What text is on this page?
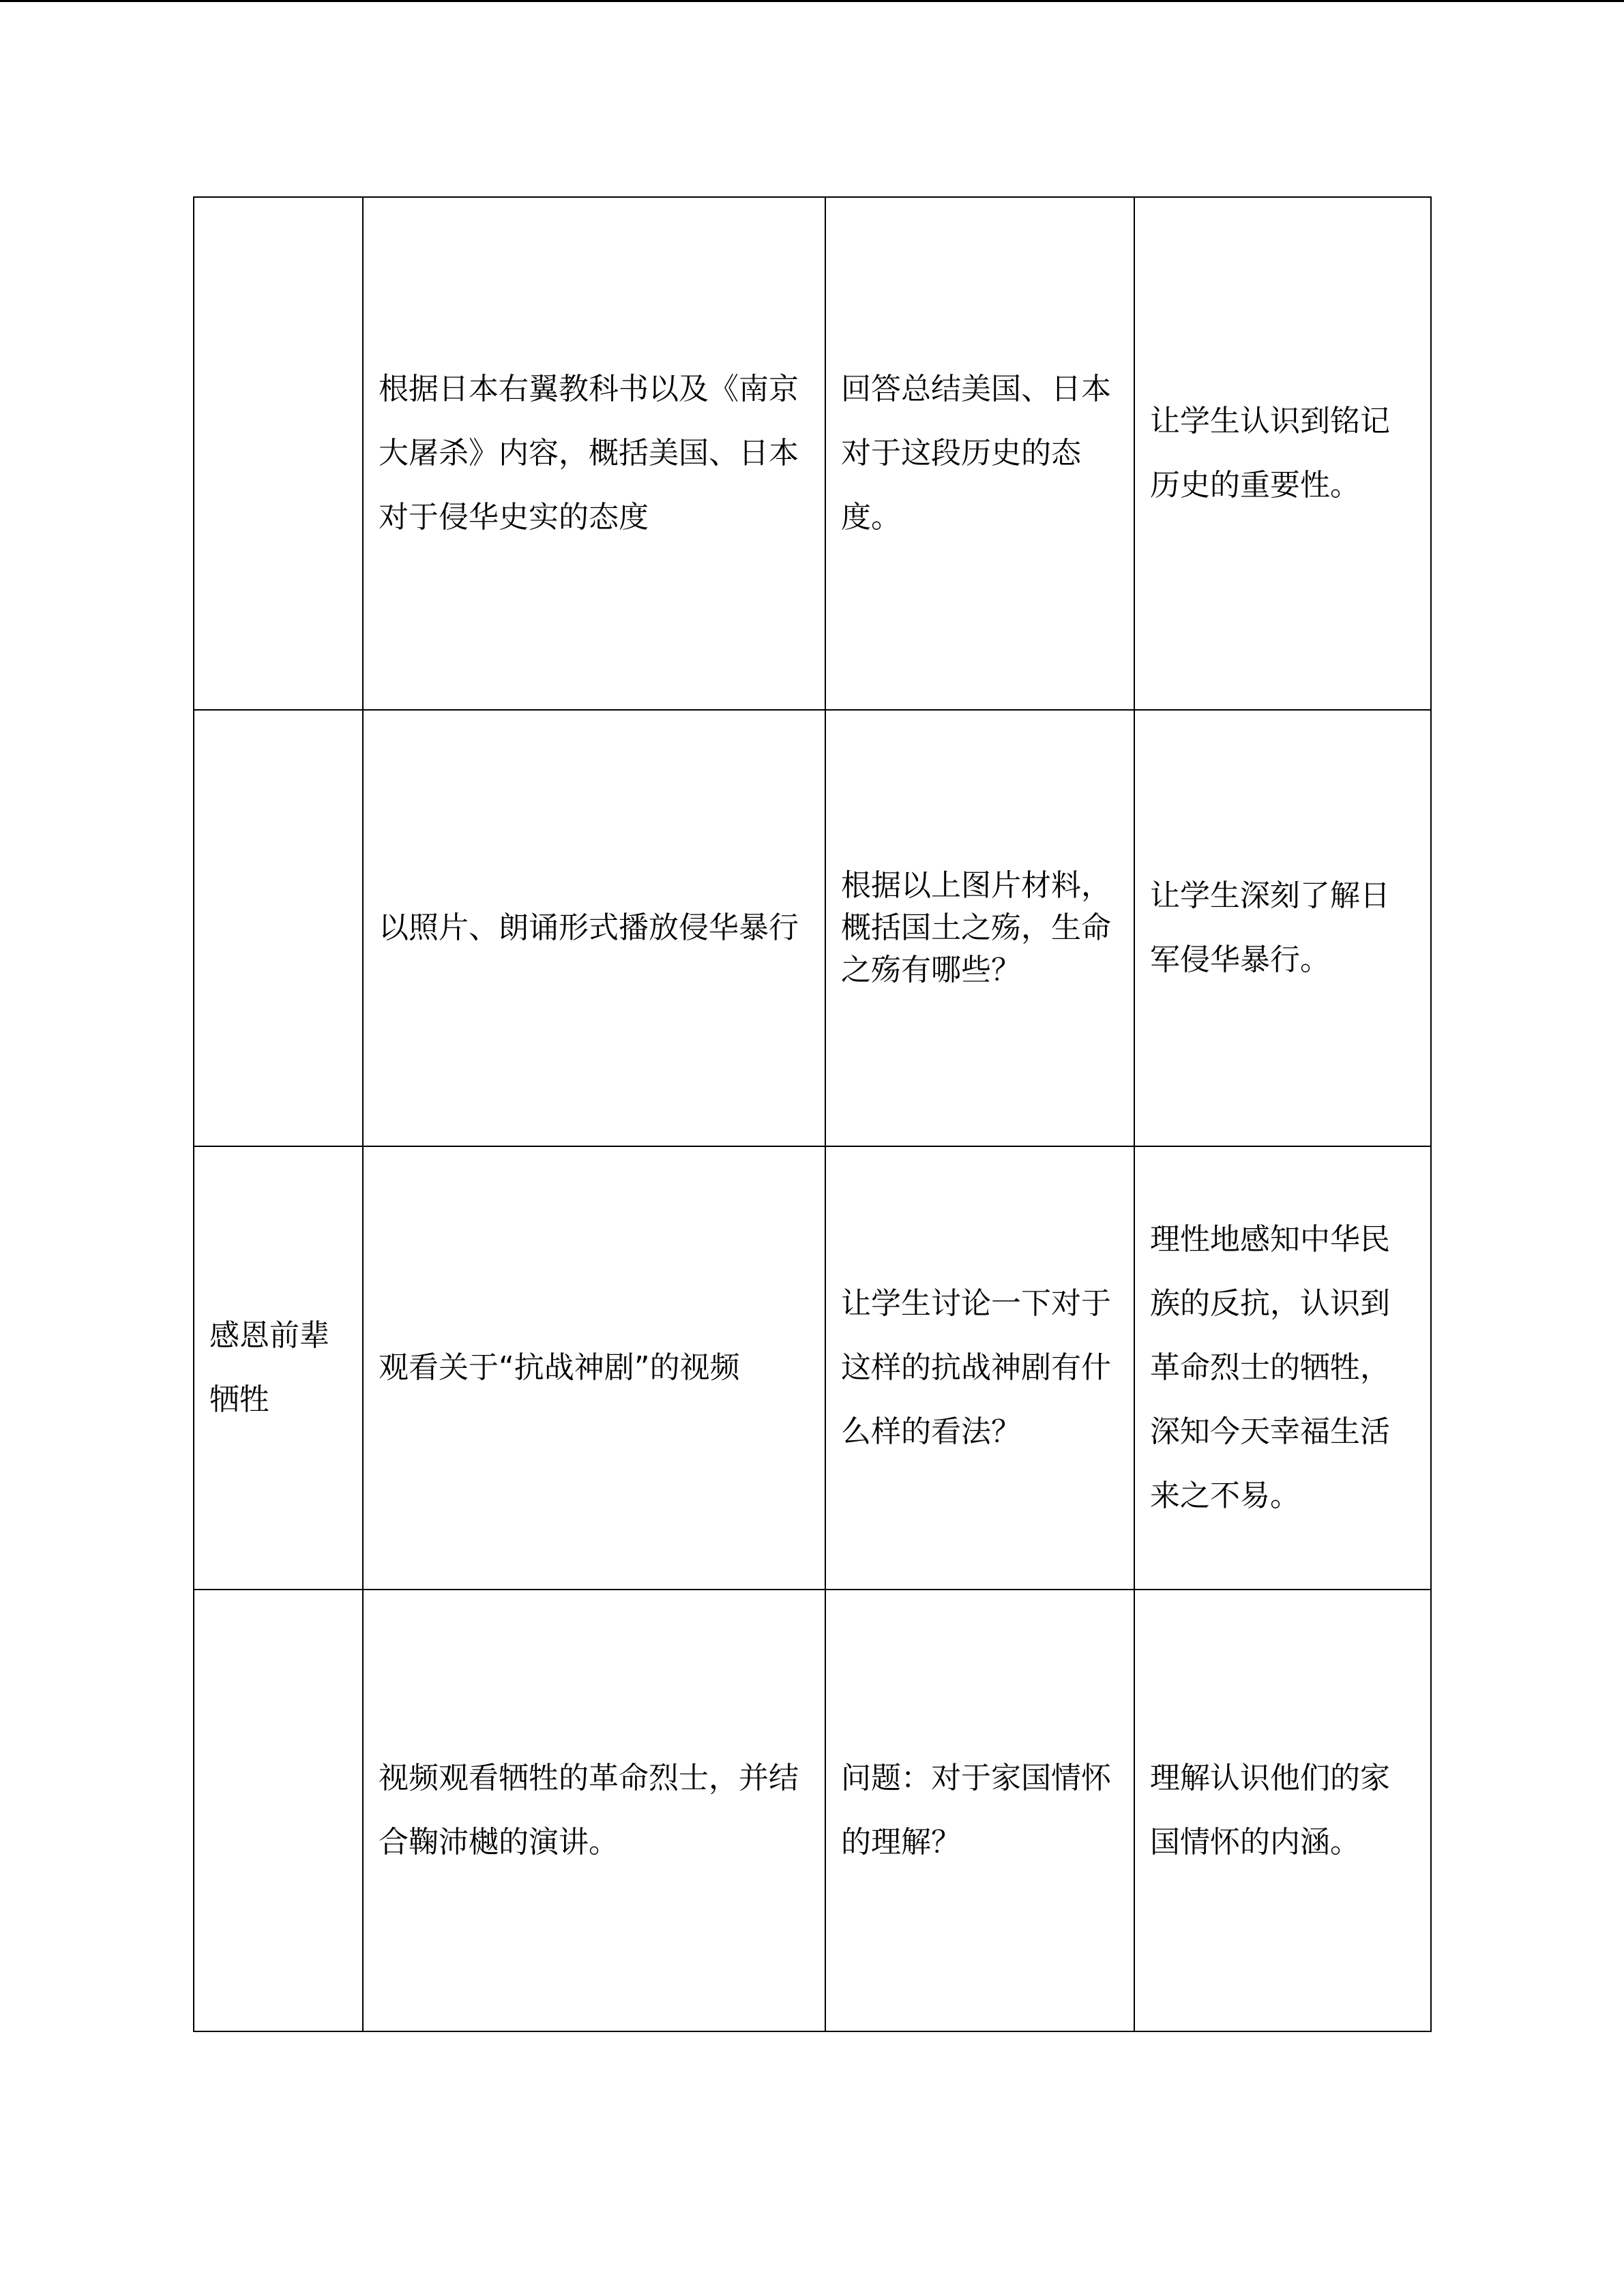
	根据日本右翼教科书以及《南京大屠杀》内容，概括美国、日本对于侵华史实的态度	回答总结美国、日本对于这段历史的态度。	让学生认识到铭记历史的重要性。

	以照片、朗诵形式播放侵华暴行	根据以上图片材料，概括国土之殇，生命之殇有哪些？	让学生深刻了解日军侵华暴行。

感恩前辈牺牲	观看关于“抗战神剧”的视频	让学生讨论一下对于这样的抗战神剧有什么样的看法？	理性地感知中华民族的反抗，认识到革命烈士的牺牲，深知今天幸福生活来之不易。

	视频观看牺牲的革命烈士，并结合鞠沛樾的演讲。	问题：对于家国情怀的理解？	理解认识他们的家国情怀的内涵。
